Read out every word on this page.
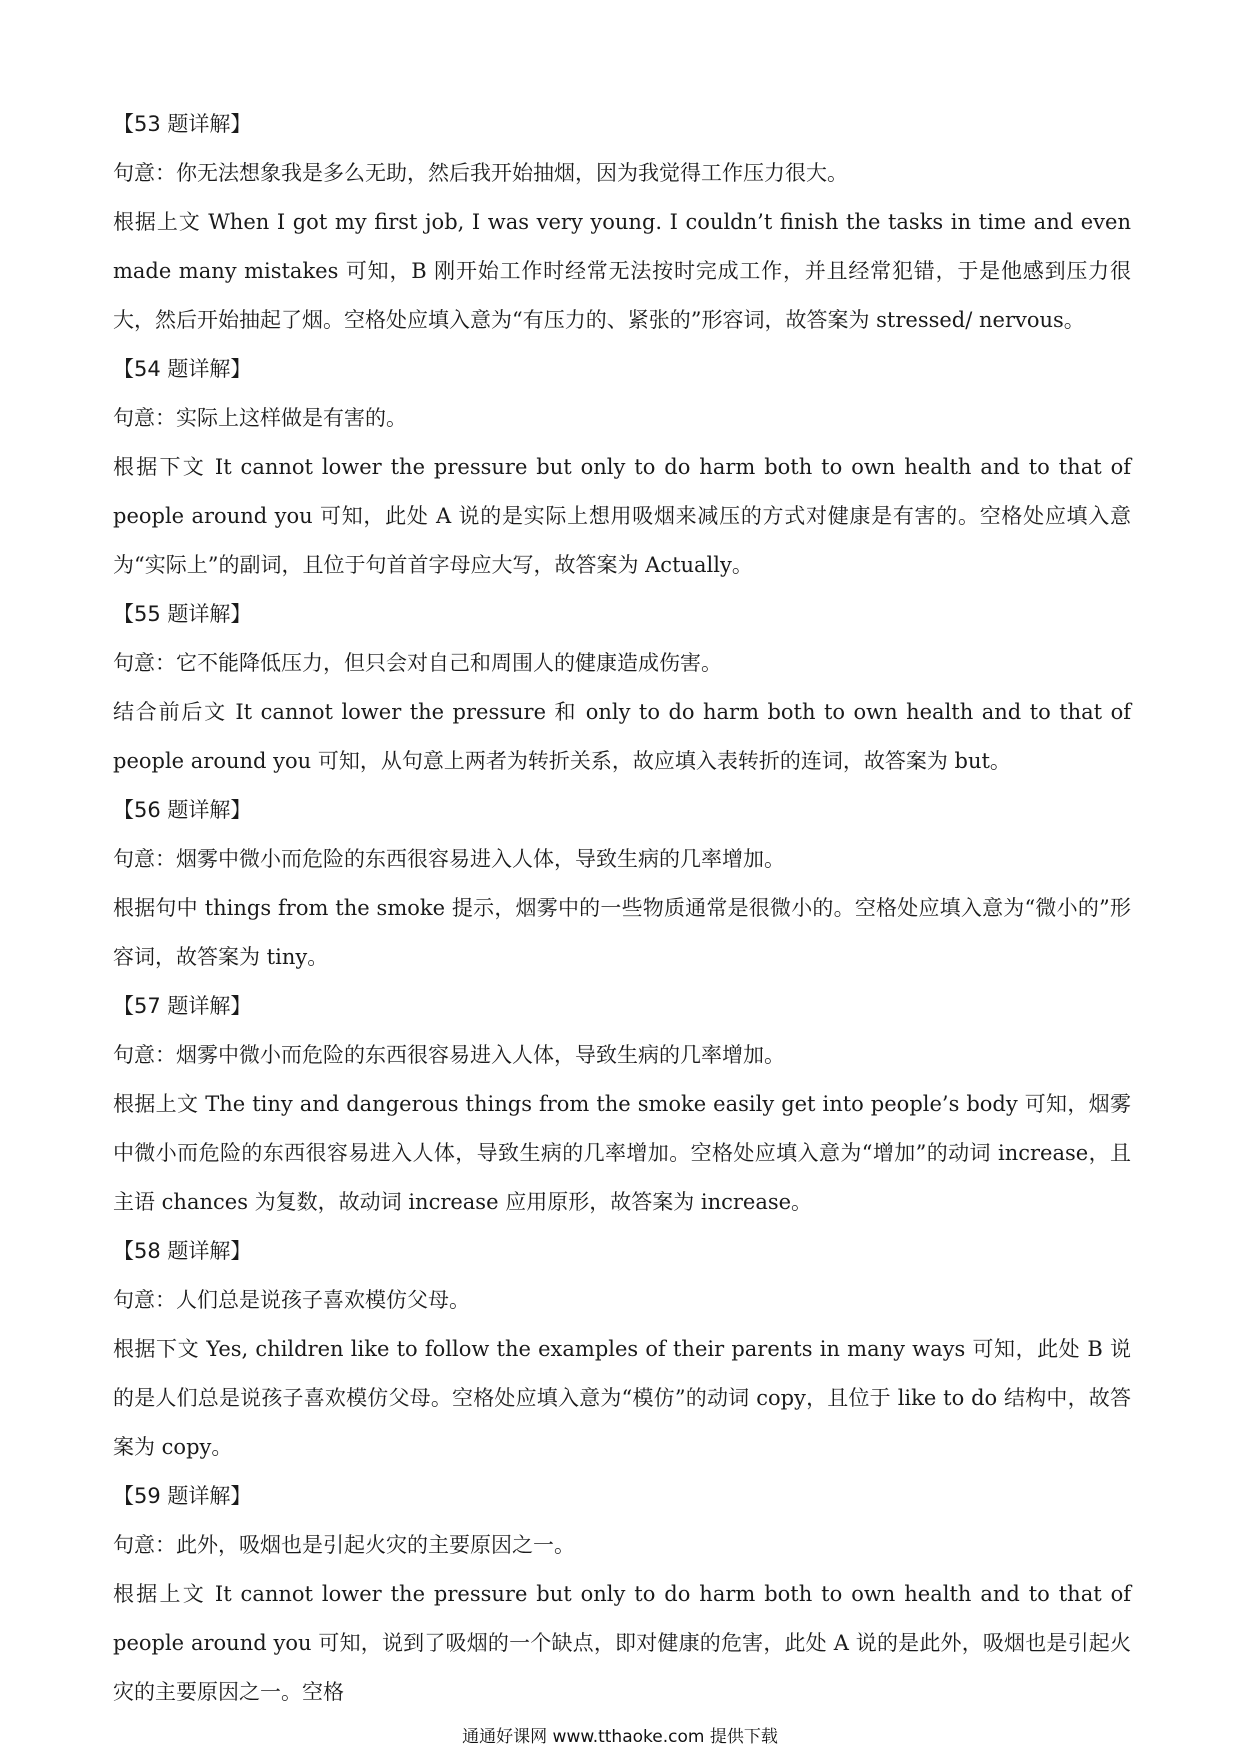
【53 题详解】

句意：你无法想象我是多么无助，然后我开始抽烟，因为我觉得工作压力很大。

根据上文 When I got my first job, I was very young. I couldn’t finish the tasks in time and even made many mistakes 可知，B 刚开始工作时经常无法按时完成工作，并且经常犯错，于是他感到压力很大，然后开始抽起了烟。空格处应填入意为“有压力的、紧张的”形容词，故答案为 stressed/ nervous。

【54 题详解】

句意：实际上这样做是有害的。

根据下文 It cannot lower the pressure but only to do harm both to own health and to that of people around you 可知，此处 A 说的是实际上想用吸烟来减压的方式对健康是有害的。空格处应填入意为“实际上”的副词，且位于句首首字母应大写，故答案为 Actually。

【55 题详解】

句意：它不能降低压力，但只会对自己和周围人的健康造成伤害。

结合前后文 It cannot lower the pressure 和 only to do harm both to own health and to that of people around you 可知，从句意上两者为转折关系，故应填入表转折的连词，故答案为 but。

【56 题详解】

句意：烟雾中微小而危险的东西很容易进入人体，导致生病的几率增加。

根据句中 things from the smoke 提示，烟雾中的一些物质通常是很微小的。空格处应填入意为“微小的”形容词，故答案为 tiny。

【57 题详解】

句意：烟雾中微小而危险的东西很容易进入人体，导致生病的几率增加。

根据上文 The tiny and dangerous things from the smoke easily get into people’s body 可知，烟雾中微小而危险的东西很容易进入人体，导致生病的几率增加。空格处应填入意为“增加”的动词 increase，且主语 chances 为复数，故动词 increase 应用原形，故答案为 increase。

【58 题详解】

句意：人们总是说孩子喜欢模仿父母。

根据下文 Yes, children like to follow the examples of their parents in many ways 可知，此处 B 说的是人们总是说孩子喜欢模仿父母。空格处应填入意为“模仿”的动词 copy，且位于 like to do 结构中，故答案为 copy。

【59 题详解】

句意：此外，吸烟也是引起火灾的主要原因之一。

根据上文 It cannot lower the pressure but only to do harm both to own health and to that of people around you 可知，说到了吸烟的一个缺点，即对健康的危害，此处 A 说的是此外，吸烟也是引起火灾的主要原因之一。空格

通通好课网 www.tthaoke.com 提供下载
